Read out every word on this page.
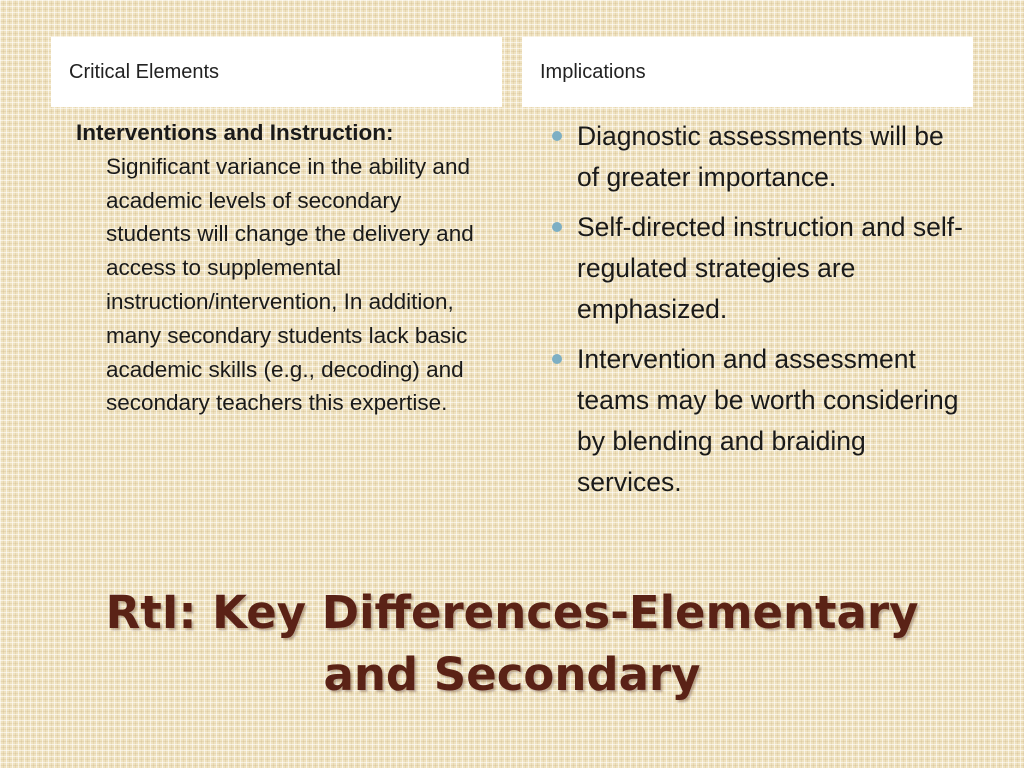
Critical Elements	Implications

Interventions and Instruction: Significant variance in the ability and academic levels of secondary students will change the delivery and access to supplemental instruction/intervention, In addition, many secondary students lack basic academic skills (e.g., decoding) and secondary teachers this expertise.

Diagnostic assessments will be of greater importance.
Self-directed instruction and self-regulated strategies are emphasized.
Intervention and assessment teams may be worth considering by blending and braiding services.
RtI: Key Differences-Elementary
and Secondary
